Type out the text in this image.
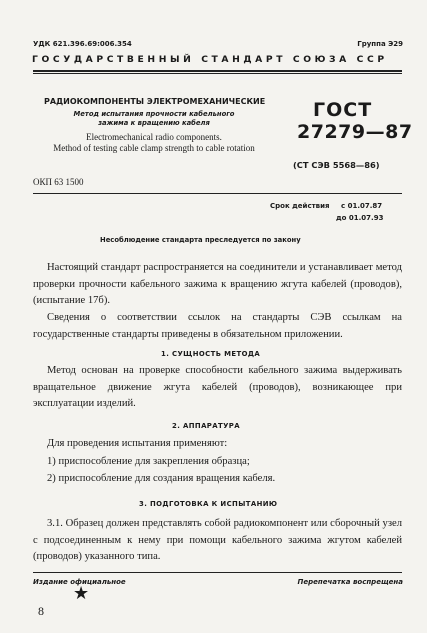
УДК 621.396.69:006.354	Группа Э29
ГОСУДАРСТВЕННЫЙ СТАНДАРТ СОЮЗА ССР
РАДИОКОМПОНЕНТЫ ЭЛЕКТРОМЕХАНИЧЕСКИЕ
Метод испытания прочности кабельного
зажима к вращению кабеля
Electromechanical radio components.
Method of testing cable clamp strength to cable rotation
ГОСТ
27279—87
(СТ СЭВ 5568—86)
ОКП 63 1500
Срок действия с 01.07.87
до 01.07.93
Несоблюдение стандарта преследуется по закону

Настоящий стандарт распространяется на соединители и устанавливает метод проверки прочности кабельного зажима к вращению жгута кабелей (проводов), (испытание 17б).

Сведения о соответствии ссылок на стандарты СЭВ ссылкам на государственные стандарты приведены в обязательном приложении.

1. СУЩНОСТЬ МЕТОДА

Метод основан на проверке способности кабельного зажима выдерживать вращательное движение жгута кабелей (проводов), возникающее при эксплуатации изделий.

2. АППАРАТУРА

Для проведения испытания применяют:

1) приспособление для закрепления образца;
2) приспособление для создания вращения кабеля.
3. ПОДГОТОВКА К ИСПЫТАНИЮ

3.1. Образец должен представлять собой радиокомпонент или сборочный узел с подсоединенным к нему при помощи кабельного зажима жгутом кабелей (проводов) указанного типа.

Издание официальное	Перепечатка воспрещена
★
8
